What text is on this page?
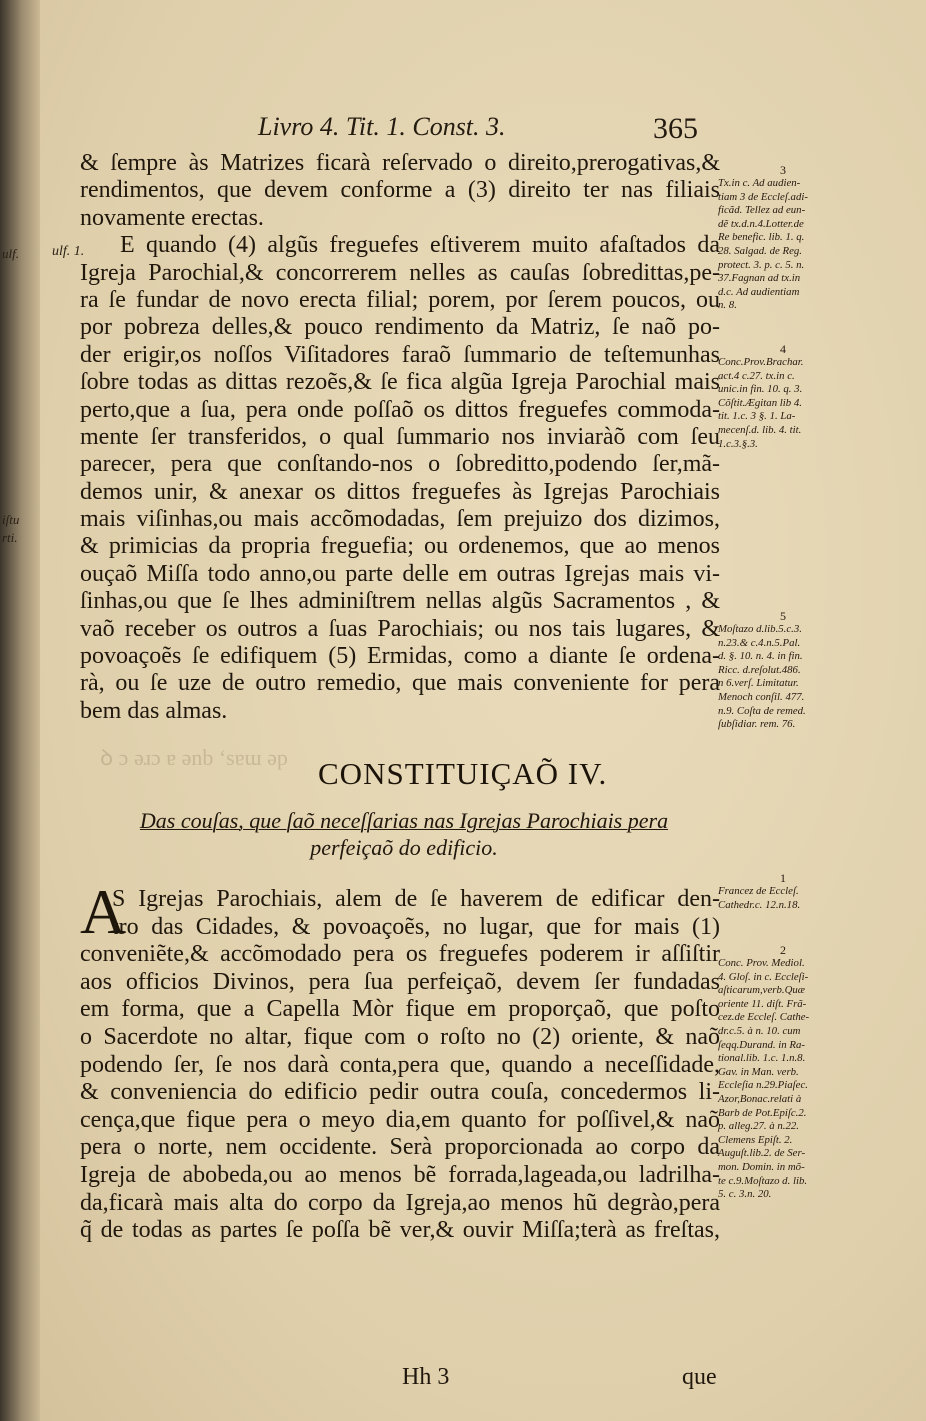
ulf.
iſtu
rti.
ꝺ ɔ ǝɹɔ ɐ ǝnb ʻsɐɯ ǝp
Livro 4. Tit. 1. Const. 3.	365
ulf. 1.
& ſempre às Matrizes ficarà reſervado o direito,prerogativas,&
rendimentos, que devem conforme a (3) direito ter nas filiais
novamente erectas.
E quando (4) algũs freguefes eſtiverem muito afaſtados da
Igreja Parochial,& concorrerem nelles as cauſas ſobredittas,pe-
ra ſe fundar de novo erecta filial; porem, por ſerem poucos, ou
por pobreza delles,& pouco rendimento da Matriz, ſe naõ po-
der erigir,os noſſos Viſitadores faraõ ſummario de teſtemunhas
ſobre todas as dittas rezoẽs,& ſe fica algũa Igreja Parochial mais
perto,que a ſua, pera onde poſſaõ os dittos freguefes commoda-
mente ſer transferidos, o qual ſummario nos inviaràõ com ſeu
parecer, pera que conſtando-nos o ſobreditto,podendo ſer,mã-
demos unir, & anexar os dittos freguefes às Igrejas Parochiais
mais viſinhas,ou mais accõmodadas, ſem prejuizo dos dizimos,
& primicias da propria freguefia; ou ordenemos, que ao menos
ouçaõ Miſſa todo anno,ou parte delle em outras Igrejas mais vi-
ſinhas,ou que ſe lhes adminiſtrem nellas algũs Sacramentos , &
vaõ receber os outros a ſuas Parochiais; ou nos tais lugares, &
povoaçoẽs ſe edifiquem (5) Ermidas, como a diante ſe ordena-
rà, ou ſe uze de outro remedio, que mais conveniente for pera
bem das almas.
3
Tx.in c. Ad audien-
tiam 3 de Eccleſ.adi-
ficãd. Tellez ad eun-
dẽ tx.d.n.4.Lotter.de
Re benefic. lib. 1. q.
28. Salgad. de Reg.
protect. 3. p. c. 5. n.
37.Fagnan ad tx.in
d.c. Ad audientiam
n. 8.
4
Conc.Prov.Brachar.
act.4 c.27. tx.in c.
unic.in fin. 10. q. 3.
Cõſtit.Ægitan lib 4.
tit. 1.c. 3 §. 1. La-
mecenſ.d. lib. 4. tit.
1.c.3.§.3.
5
Moſtazo d.lib.5.c.3.
n.23.& c.4.n.5.Pal.
d. §. 10. n. 4. in fin.
Ricc. d.reſolut.486.
n 6.verſ. Limitatur.
Menoch conſil. 477.
n.9. Coſta de remed.
ſubſidiar. rem. 76.
CONSTITUIÇAÕ IV.
Das couſas, que ſaõ neceſſarias nas Igrejas Parochiais pera
perfeiçaõ do edificio.
A
S Igrejas Parochiais, alem de ſe haverem de edificar den-
tro das Cidades, & povoaçoẽs, no lugar, que for mais (1)
conveniẽte,& accõmodado pera os freguefes poderem ir aſſiſtir
aos officios Divinos, pera ſua perfeiçaõ, devem ſer fundadas
em forma, que a Capella Mòr fique em proporçaõ, que poſto
o Sacerdote no altar, fique com o roſto no (2) oriente, & naõ
podendo ſer, ſe nos darà conta,pera que, quando a neceſſidade,
& conveniencia do edificio pedir outra couſa, concedermos li-
cença,que fique pera o meyo dia,em quanto for poſſivel,& naõ
pera o norte, nem occidente. Serà proporcionada ao corpo da
Igreja de abobeda,ou ao menos bẽ forrada,lageada,ou ladrilha-
da,ficarà mais alta do corpo da Igreja,ao menos hũ degrào,pera
q̃ de todas as partes ſe poſſa bẽ ver,& ouvir Miſſa;terà as freſtas,
1
Francez de Eccleſ.
Cathedr.c. 12.n.18.
2
Conc. Prov. Mediol.
4. Gloſ. in c. Eccleſi-
aſticarum,verb.Quæ
oriente 11. diſt. Frã-
cez.de Eccleſ. Cathe-
dr.c.5. à n. 10. cum
ſeqq.Durand. in Ra-
tional.lib. 1.c. 1.n.8.
Gav. in Man. verb.
Eccleſia n.29.Piaſec.
Azor,Bonac.relati à
Barb de Pot.Epiſc.2.
p. alleg.27. à n.22.
Clemens Epiſt. 2.
Auguſt.lib.2. de Ser-
mon. Domin. in mõ-
te c.9.Moſtazo d. lib.
5. c. 3.n. 20.
Hh 3	que
